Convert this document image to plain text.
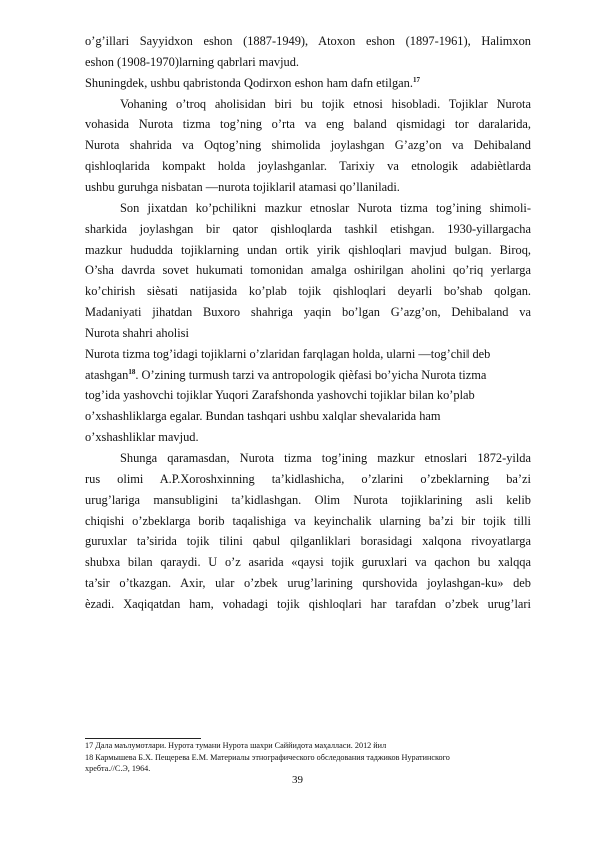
o’g’illari Sayyidxon eshon (1887-1949), Atoxon eshon (1897-1961), Halimxon
eshon (1908-1970)larning qabrlari mavjud.
Shuningdek, ushbu qabristonda Qodirxon eshon ham dafn etilgan.$^{17}$
Vohaning o’troq aholisidan biri bu tojik etnosi hisobladi. Tojiklar Nurota
vohasida Nurota tizma tog’ning o’rta va eng baland qismidagi tor daralarida,
Nurota shahrida va Oqtog’ning shimolida joylashgan G’azg’on va Dehibaland
qishloqlarida kompakt holda joylashganlar. Tarixiy va etnologik adabiѐtlarda
ushbu guruhga nisbatan ―nurota tojiklari‖ atamasi qo’llaniladi.
Son jixatdan ko’pchilikni mazkur etnoslar Nurota tizma tog’ining shimoli-
sharkida joylashgan bir qator qishloqlarda tashkil etishgan. 1930-yillargacha
mazkur hududda tojiklarning undan ortik yirik qishloqlari mavjud bulgan. Biroq,
O’sha davrda sovet hukumati tomonidan amalga oshirilgan aholini qo’riq yerlarga
ko’chirish siѐsati natijasida ko’plab tojik qishloqlari deyarli bo’shab qolgan.
Madaniyati jihatdan Buxoro shahriga yaqin bo’lgan G’azg’on, Dehibaland va
Nurota shahri aholisi
Nurota tizma tog’idagi tojiklarni o’zlaridan farqlagan holda, ularni ―tog’chi‖ deb
atashgan$^{18}$. O’zining turmush tarzi va antropologik qiѐfasi bo’yicha Nurota tizma
tog’ida yashovchi tojiklar Yuqori Zarafshonda yashovchi tojiklar bilan ko’plab
o’xshashliklarga egalar. Bundan tashqari ushbu xalqlar shevalarida ham
o’xshashliklar mavjud.
Shunga qaramasdan, Nurota tizma tog’ining mazkur etnoslari 1872-yilda
rus olimi A.P.Xoroshxinning ta’kidlashicha, o’zlarini o’zbeklarning ba’zi
urug’lariga mansubligini ta’kidlashgan. Olim Nurota tojiklarining asli kelib
chiqishi o’zbeklarga borib taqalishiga va keyinchalik ularning ba’zi bir tojik tilli
guruxlar ta’sirida tojik tilini qabul qilganliklari borasidagi xalqona rivoyatlarga
shubxa bilan qaraydi. U o’z asarida «qaysi tojik guruxlari va qachon bu xalqqa
ta’sir o’tkazgan. Axir, ular o’zbek urug’larining qurshovida joylashgan-ku» deb
ѐzadi. Xaqiqatdan ham, vohadagi tojik qishloqlari har tarafdan o’zbek urug’lari
17 Дала маълумотлари. Нурота тумани Нурота шахри Саййидота маҳалласи. 2012 йил
18 Кармышева Б.Х. Пещерева Е.М. Материалы этнографического обследования таджиков Нуратинского
хребта.//С.Э, 1964.
39
